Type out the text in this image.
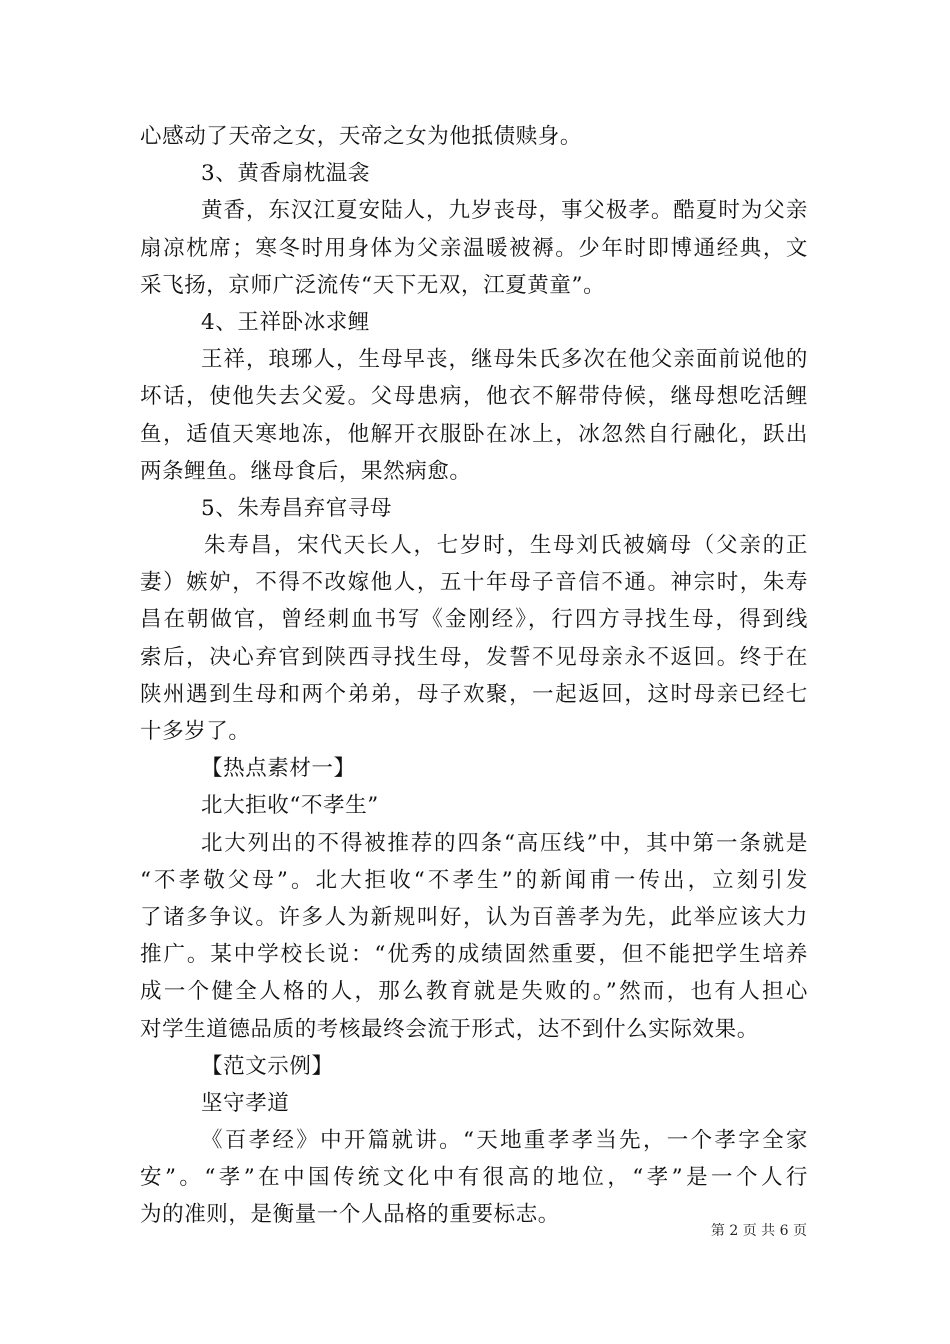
心感动了天帝之女，天帝之女为他抵债赎身。
3、黄香扇枕温衾
黄香，东汉江夏安陆人，九岁丧母，事父极孝。酷夏时为父亲
扇凉枕席；寒冬时用身体为父亲温暖被褥。少年时即博通经典，文
采飞扬，京师广泛流传“天下无双，江夏黄童”。
4、王祥卧冰求鲤
王祥，琅琊人，生母早丧，继母朱氏多次在他父亲面前说他的
坏话，使他失去父爱。父母患病，他衣不解带侍候，继母想吃活鲤
鱼，适值天寒地冻，他解开衣服卧在冰上，冰忽然自行融化，跃出
两条鲤鱼。继母食后，果然病愈。
5、朱寿昌弃官寻母
朱寿昌，宋代天长人，七岁时，生母刘氏被嫡母（父亲的正
妻）嫉妒，不得不改嫁他人，五十年母子音信不通。神宗时，朱寿
昌在朝做官，曾经刺血书写《金刚经》，行四方寻找生母，得到线
索后，决心弃官到陕西寻找生母，发誓不见母亲永不返回。终于在
陕州遇到生母和两个弟弟，母子欢聚，一起返回，这时母亲已经七
十多岁了。
【热点素材一】
北大拒收“不孝生”
北大列出的不得被推荐的四条“高压线”中，其中第一条就是
“不孝敬父母”。北大拒收“不孝生”的新闻甫一传出，立刻引发
了诸多争议。许多人为新规叫好，认为百善孝为先，此举应该大力
推广。某中学校长说：“优秀的成绩固然重要，但不能把学生培养
成一个健全人格的人，那么教育就是失败的。”然而，也有人担心
对学生道德品质的考核最终会流于形式，达不到什么实际效果。
【范文示例】
坚守孝道
《百孝经》中开篇就讲。“天地重孝孝当先，一个孝字全家
安”。“孝”在中国传统文化中有很高的地位，“孝”是一个人行
为的准则，是衡量一个人品格的重要标志。
第 2 页 共 6 页
